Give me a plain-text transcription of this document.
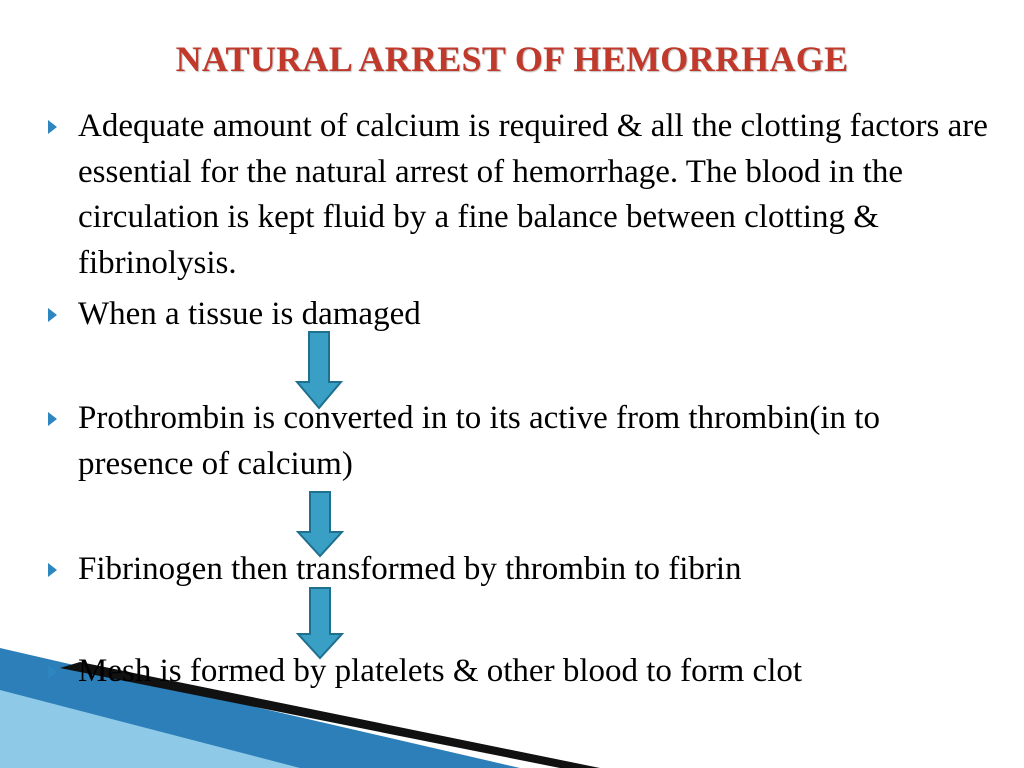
NATURAL ARREST OF HEMORRHAGE
Adequate amount of calcium is required & all the clotting factors are essential for the natural arrest of hemorrhage. The blood in the circulation is kept fluid by a fine balance between clotting & fibrinolysis.
When a tissue is damaged
Prothrombin is converted in to its active from thrombin(in to presence of calcium)
Fibrinogen then transformed by thrombin to fibrin
Mesh is formed by platelets & other blood to form clot
